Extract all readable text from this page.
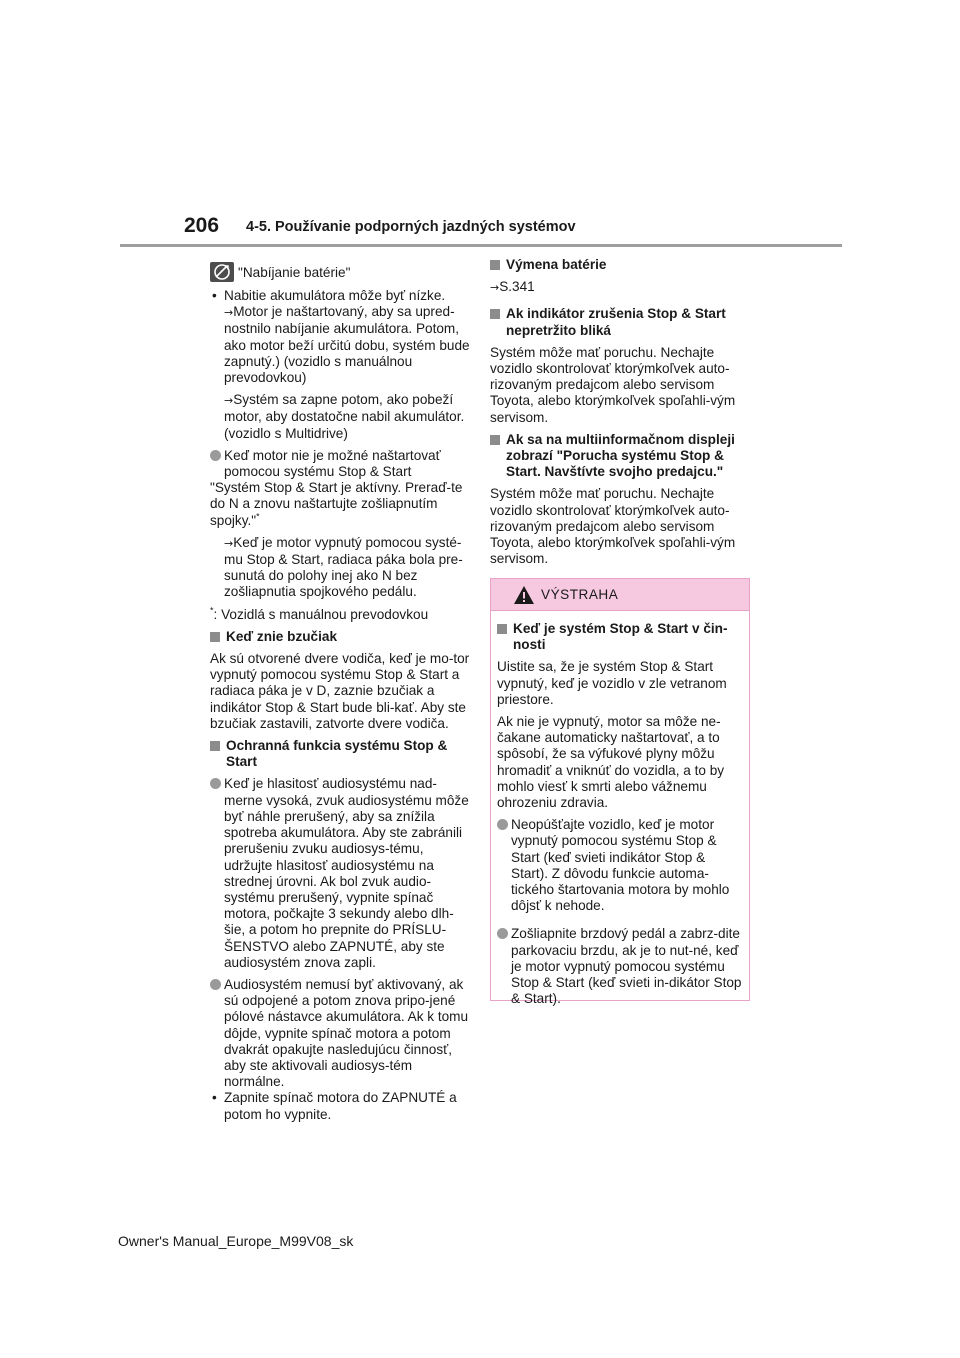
206 4-5. Používanie podporných jazdných systémov
"Nabíjanie batérie"
• Nabitie akumulátora môže byť nízke.
→Motor je naštartovaný, aby sa upred-nostnilo nabíjanie akumulátora. Potom, ako motor beží určitú dobu, systém bude zapnutý.) (vozidlo s manuálnou prevodovkou)
→Systém sa zapne potom, ako pobeží motor, aby dostatočne nabil akumulátor. (vozidlo s Multidrive)
Keď motor nie je možné naštartovať pomocou systému Stop & Start
"Systém Stop & Start je aktívny. Preraď-te do N a znovu naštartujte zošliapnutím spojky."*
→Keď je motor vypnutý pomocou systé-mu Stop & Start, radiaca páka bola pre-sunutá do polohy inej ako N bez zošliapnutia spojkového pedálu.
*: Vozidlá s manuálnou prevodovkou
Keď znie bzučiak
Ak sú otvorené dvere vodiča, keď je mo-tor vypnutý pomocou systému Stop & Start a radiaca páka je v D, zaznie bzučiak a indikátor Stop & Start bude bli-kať. Aby ste bzučiak zastavili, zatvorte dvere vodiča.
Ochranná funkcia systému Stop & Start
Keď je hlasitosť audiosystému nad-merne vysoká, zvuk audiosystému môže byť náhle prerušený, aby sa znížila spotreba akumulátora. Aby ste zabránili prerušeniu zvuku audiosys-tému, udržujte hlasitosť audiosystému na strednej úrovni. Ak bol zvuk audio-systému prerušený, vypnite spínač motora, počkajte 3 sekundy alebo dlh-šie, a potom ho prepnite do PRÍSLU-ŠENSTVO alebo ZAPNUTÉ, aby ste audiosystém znova zapli.
Audiosystém nemusí byť aktivovaný, ak sú odpojené a potom znova pripo-jené pólové nástavce akumulátora. Ak k tomu dôjde, vypnite spínač motora a potom dvakrát opakujte nasledujúcu činnosť, aby ste aktivovali audiosys-tém normálne.
• Zapnite spínač motora do ZAPNUTÉ a potom ho vypnite.
Výmena batérie
→S.341
Ak indikátor zrušenia Stop & Start nepretržito bliká
Systém môže mať poruchu. Nechajte vozidlo skontrolovať ktorýmkoľvek auto-rizovaným predajcom alebo servisom Toyota, alebo ktorýmkoľvek spoľahli-vým servisom.
Ak sa na multiinformačnom displeji zobrazí "Porucha systému Stop & Start. Navštívte svojho predajcu."
Systém môže mať poruchu. Nechajte vozidlo skontrolovať ktorýmkoľvek auto-rizovaným predajcom alebo servisom Toyota, alebo ktorýmkoľvek spoľahli-vým servisom.
VÝSTRAHA
Keď je systém Stop & Start v čin-nosti
Uistite sa, že je systém Stop & Start vypnutý, keď je vozidlo v zle vetranom priestore.
Ak nie je vypnutý, motor sa môže ne-čakane automaticky naštartovať, a to spôsobí, že sa výfukové plyny môžu hromadiť a vniknúť do vozidla, a to by mohlo viesť k smrti alebo vážnemu ohrozeniu zdravia.
Neopúšťajte vozidlo, keď je motor vypnutý pomocou systému Stop & Start (keď svieti indikátor Stop & Start). Z dôvodu funkcie automa-tického štartovania motora by mohlo dôjsť k nehode.
Zošliapnite brzdový pedál a zabrz-dite parkovaciu brzdu, ak je to nut-né, keď je motor vypnutý pomocou systému Stop & Start (keď svieti in-dikátor Stop & Start).
Owner's Manual_Europe_M99V08_sk
